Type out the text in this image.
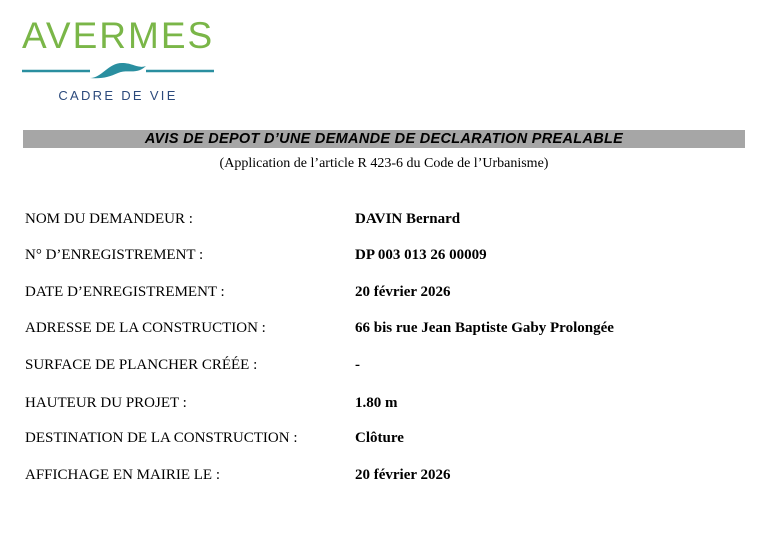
AVERMES
CADRE DE VIE
AVIS DE DEPOT D’UNE DEMANDE DE DECLARATION PREALABLE
(Application de l’article R 423-6 du Code de l’Urbanisme)
NOM DU DEMANDEUR :	DAVIN Bernard
N° D’ENREGISTREMENT :	DP 003 013 26 00009
DATE D’ENREGISTREMENT :	20 février 2026
ADRESSE DE LA CONSTRUCTION :	66 bis rue Jean Baptiste Gaby Prolongée
SURFACE DE PLANCHER CRÉÉE :	-
HAUTEUR DU PROJET :	1.80 m
DESTINATION DE LA CONSTRUCTION :	Clôture
AFFICHAGE EN MAIRIE LE :	20 février 2026
